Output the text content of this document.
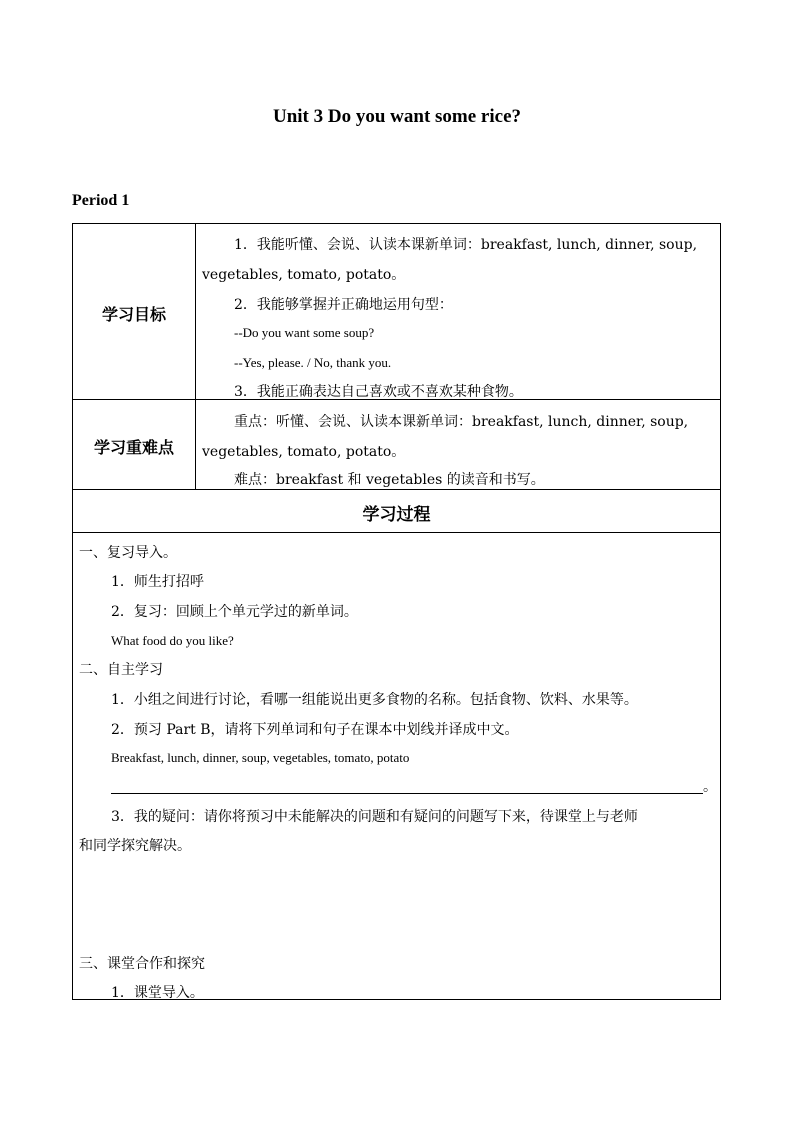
Unit 3 Do you want some rice?
Period 1
学习目标
1．我能听懂、会说、认读本课新单词：breakfast, lunch, dinner, soup,
vegetables, tomato, potato。
2．我能够掌握并正确地运用句型：
--Do you want some soup?
--Yes, please. / No, thank you.
3．我能正确表达自己喜欢或不喜欢某种食物。
学习重难点
重点：听懂、会说、认读本课新单词：breakfast, lunch, dinner, soup,
vegetables, tomato, potato。
难点：breakfast 和 vegetables 的读音和书写。
学习过程
一、复习导入。
1．师生打招呼
2．复习：回顾上个单元学过的新单词。
What food do you like?
二、自主学习
1．小组之间进行讨论，看哪一组能说出更多食物的名称。包括食物、饮料、水果等。
2．预习 Part B，请将下列单词和句子在课本中划线并译成中文。
Breakfast, lunch, dinner, soup, vegetables, tomato, potato
。
3．我的疑问：请你将预习中未能解决的问题和有疑问的问题写下来，待课堂上与老师
和同学探究解决。
三、课堂合作和探究
1．课堂导入。
